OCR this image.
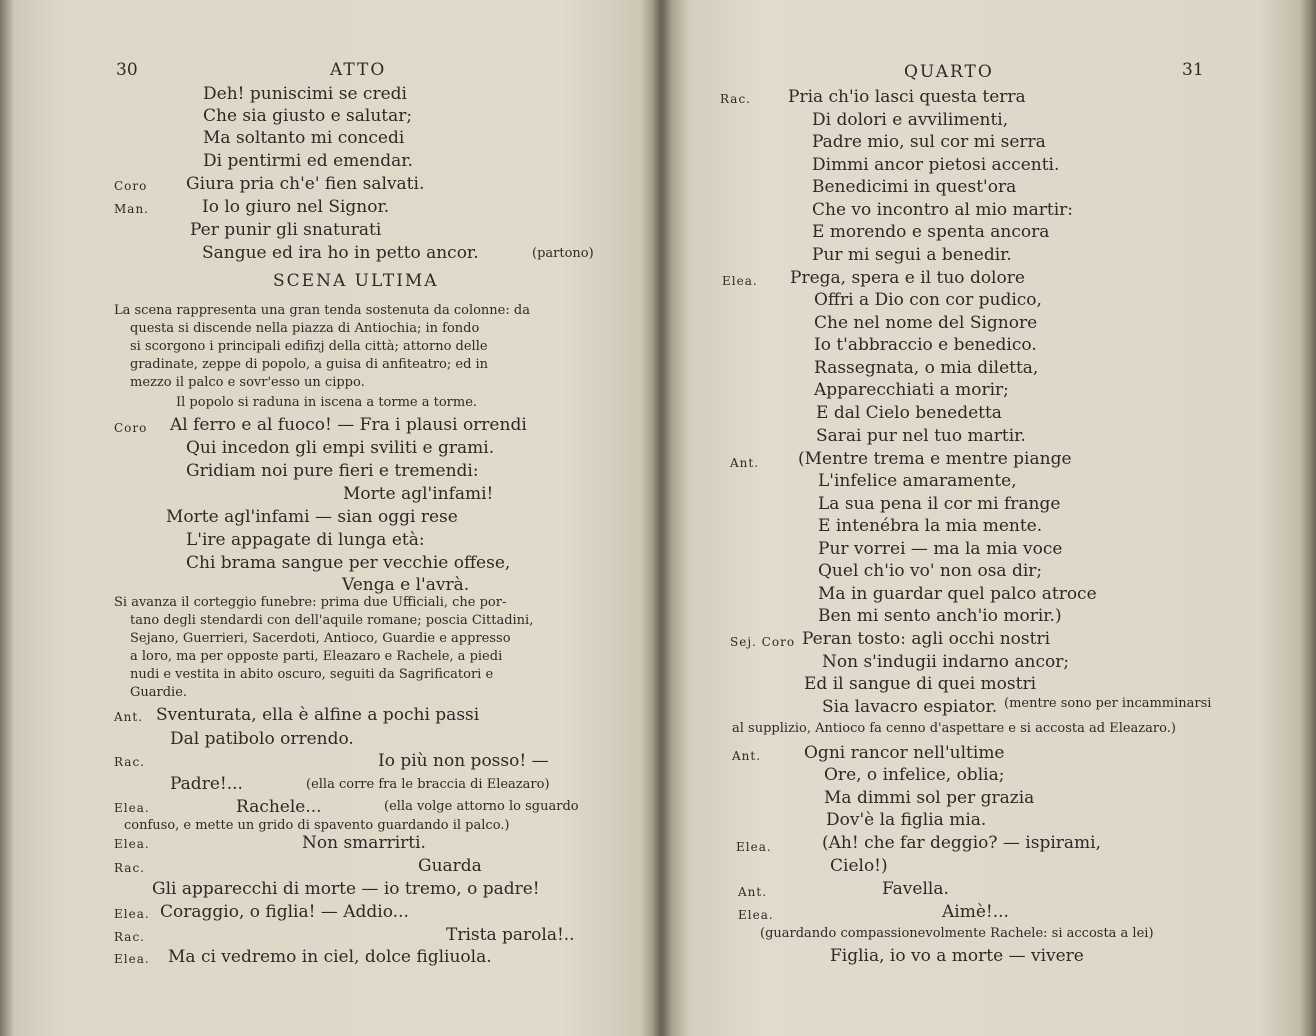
30	ATTO
Deh! puniscimi se credi
Che sia giusto e salutar;
Ma soltanto mi concedi
Di pentirmi ed emendar.
Coro Giura pria ch'e' fien salvati.
Man.	Io lo giuro nel Signor.
Per punir gli snaturati
Sangue ed ira ho in petto ancor.	(partono)
SCENA ULTIMA
La scena rappresenta una gran tenda sostenuta da colonne: da
questa si discende nella piazza di Antiochia; in fondo
si scorgono i principali edifizj della città; attorno delle
gradinate, zeppe di popolo, a guisa di anfiteatro; ed in
mezzo il palco e sovr'esso un cippo.
Il popolo si raduna in iscena a torme a torme.
Coro Al ferro e al fuoco! — Fra i plausi orrendi
Qui incedon gli empi sviliti e grami.
Gridiam noi pure fieri e tremendi:
Morte agl'infami!
Morte agl'infami — sian oggi rese
L'ire appagate di lunga età:
Chi brama sangue per vecchie offese,
Venga e l'avrà.
Si avanza il corteggio funebre: prima due Ufficiali, che por-
tano degli stendardi con dell'aquile romane; poscia Cittadini,
Sejano, Guerrieri, Sacerdoti, Antioco, Guardie e appresso
a loro, ma per opposte parti, Eleazaro e Rachele, a piedi
nudi e vestita in abito oscuro, seguiti da Sagrificatori e
Guardie.
Ant. Sventurata, ella è alfine a pochi passi
Dal patibolo orrendo.
Rac.	Io più non posso! —
Padre!...	(ella corre fra le braccia di Eleazaro)
Elea.	Rachele...	(ella volge attorno lo sguardo
confuso, e mette un grido di spavento guardando il palco.)
Elea.	Non smarrirti.
Rac.	Guarda
Gli apparecchi di morte — io tremo, o padre!
Elea. Coraggio, o figlia! — Addio...
Rac.	Trista parola!..
Elea. Ma ci vedremo in ciel, dolce figliuola.
QUARTO	31
Rac. Pria ch'io lasci questa terra
Di dolori e avvilimenti,
Padre mio, sul cor mi serra
Dimmi ancor pietosi accenti.
Benedicimi in quest'ora
Che vo incontro al mio martir:
E morendo e spenta ancora
Pur mi segui a benedir.
Elea. Prega, spera e il tuo dolore
Offri a Dio con cor pudico,
Che nel nome del Signore
Io t'abbraccio e benedico.
Rassegnata, o mia diletta,
Apparecchiati a morir;
E dal Cielo benedetta
Sarai pur nel tuo martir.
Ant. (Mentre trema e mentre piange
L'infelice amaramente,
La sua pena il cor mi frange
E intenébra la mia mente.
Pur vorrei — ma la mia voce
Quel ch'io vo' non osa dir;
Ma in guardar quel palco atroce
Ben mi sento anch'io morir.)
Sej. Coro Peran tosto: agli occhi nostri
Non s'indugii indarno ancor;
Ed il sangue di quei mostri
Sia lavacro espiator. (mentre sono per incamminarsi
al supplizio, Antioco fa cenno d'aspettare e si accosta ad Eleazaro.)
Ant.	Ogni rancor nell'ultime
Ore, o infelice, oblia;
Ma dimmi sol per grazia
Dov'è la figlia mia.
Elea.	(Ah! che far deggio? — ispirami,
Cielo!)
Ant.	Favella.
Elea.	Aimè!...
(guardando compassionevolmente Rachele: si accosta a lei)
Figlia, io vo a morte — vivere
